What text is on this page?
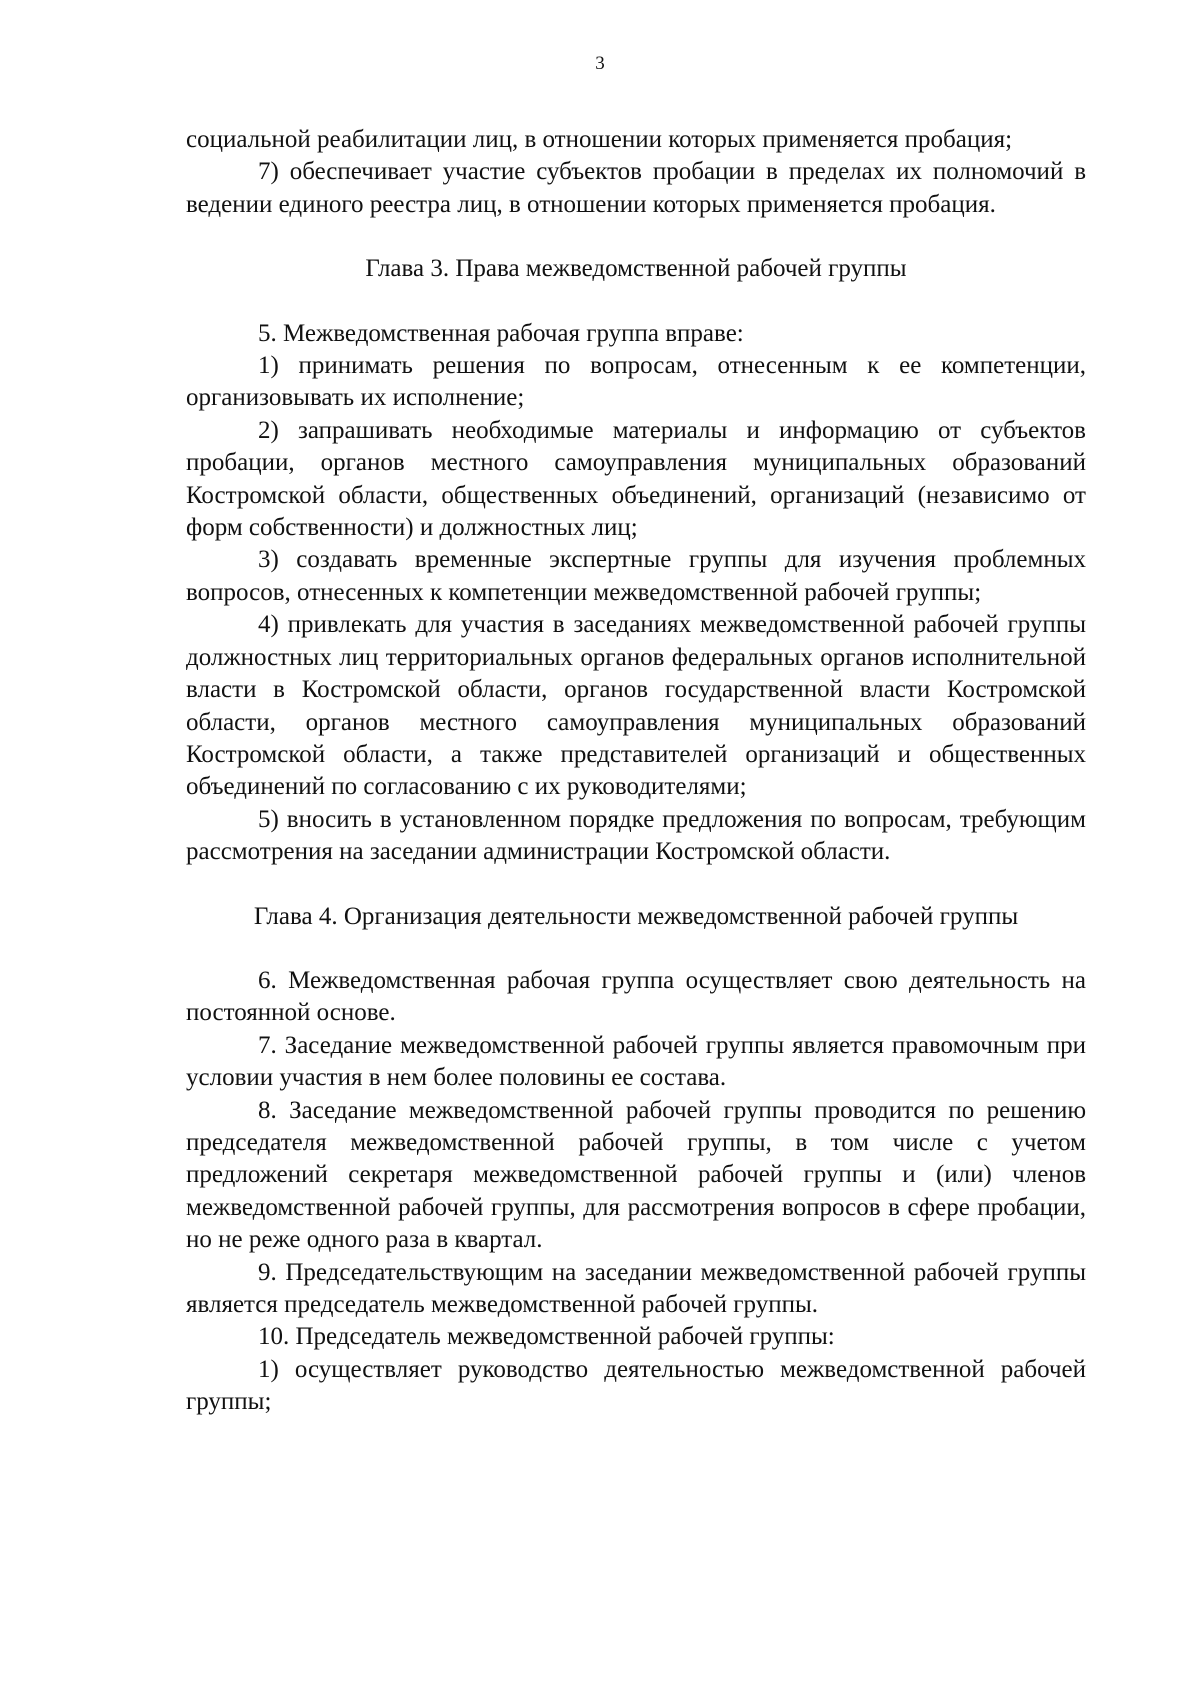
3

социальной реабилитации лиц, в отношении которых применяется пробация;

7) обеспечивает участие субъектов пробации в пределах их полномочий в ведении единого реестра лиц, в отношении которых применяется пробация.

Глава 3. Права межведомственной рабочей группы

5. Межведомственная рабочая группа вправе:

1) принимать решения по вопросам, отнесенным к ее компетенции, организовывать их исполнение;

2) запрашивать необходимые материалы и информацию от субъектов пробации, органов местного самоуправления муниципальных образований Костромской области, общественных объединений, организаций (независимо от форм собственности) и должностных лиц;

3) создавать временные экспертные группы для изучения проблемных вопросов, отнесенных к компетенции межведомственной рабочей группы;

4) привлекать для участия в заседаниях межведомственной рабочей группы должностных лиц территориальных органов федеральных органов исполнительной власти в Костромской области, органов государственной власти Костромской области, органов местного самоуправления муниципальных образований Костромской области, а также представителей организаций и общественных объединений по согласованию с их руководителями;

5) вносить в установленном порядке предложения по вопросам, требующим рассмотрения на заседании администрации Костромской области.

Глава 4. Организация деятельности межведомственной рабочей группы

6. Межведомственная рабочая группа осуществляет свою деятельность на постоянной основе.

7. Заседание межведомственной рабочей группы является правомочным при условии участия в нем более половины ее состава.

8. Заседание межведомственной рабочей группы проводится по решению председателя межведомственной рабочей группы, в том числе с учетом предложений секретаря межведомственной рабочей группы и (или) членов межведомственной рабочей группы, для рассмотрения вопросов в сфере пробации, но не реже одного раза в квартал.

9. Председательствующим на заседании межведомственной рабочей группы является председатель межведомственной рабочей группы.

10. Председатель межведомственной рабочей группы:

1) осуществляет руководство деятельностью межведомственной рабочей группы;
